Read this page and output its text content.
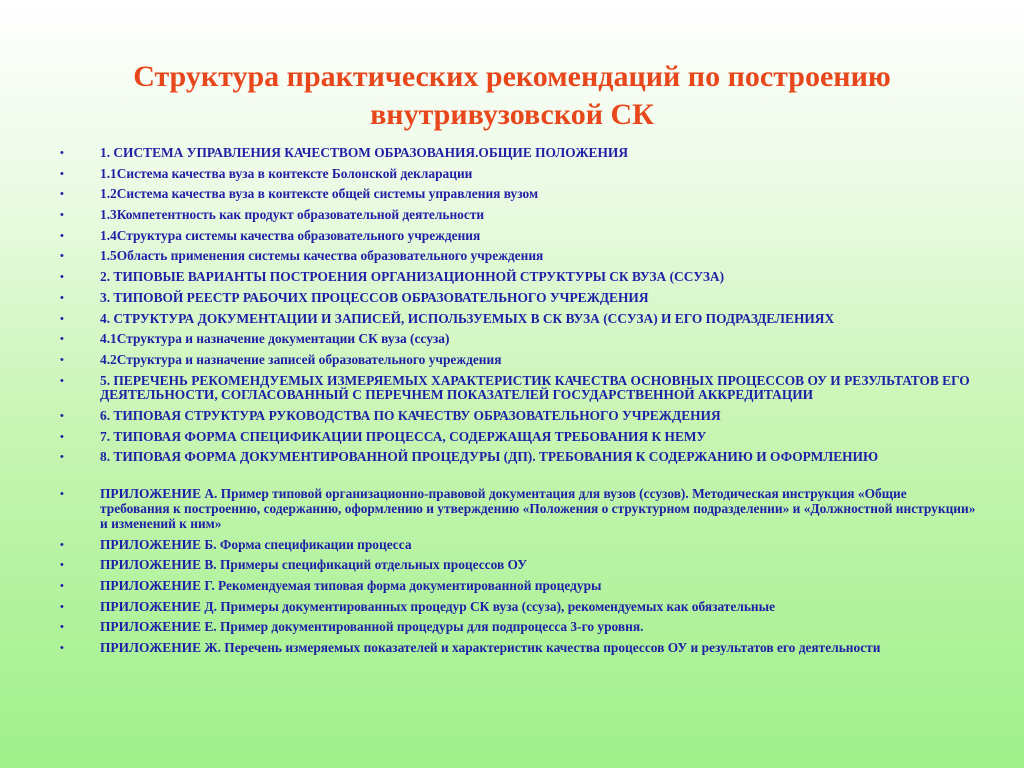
Структура практических рекомендаций по построению
внутривузовской СК
•	1. СИСТЕМА УПРАВЛЕНИЯ КАЧЕСТВОМ ОБРАЗОВАНИЯ.ОБЩИЕ ПОЛОЖЕНИЯ
•	1.1Система качества вуза в контексте Болонской декларации
•	1.2Система качества вуза в контексте общей системы управления вузом
•	1.3Компетентность как продукт образовательной деятельности
•	1.4Структура системы качества образовательного учреждения
•	1.5Область применения системы качества образовательного учреждения
•	2. ТИПОВЫЕ ВАРИАНТЫ ПОСТРОЕНИЯ ОРГАНИЗАЦИОННОЙ СТРУКТУРЫ СК ВУЗА (ССУЗА)
•	3. ТИПОВОЙ РЕЕСТР РАБОЧИХ ПРОЦЕССОВ ОБРАЗОВАТЕЛЬНОГО УЧРЕЖДЕНИЯ
•	4. СТРУКТУРА ДОКУМЕНТАЦИИ И ЗАПИСЕЙ, ИСПОЛЬЗУЕМЫХ В СК ВУЗА (ССУЗА) И ЕГО ПОДРАЗДЕЛЕНИЯХ
•	4.1Структура и назначение документации СК вуза (ссуза)
•	4.2Структура и назначение записей образовательного учреждения
•	5. ПЕРЕЧЕНЬ РЕКОМЕНДУЕМЫХ ИЗМЕРЯЕМЫХ ХАРАКТЕРИСТИК КАЧЕСТВА ОСНОВНЫХ ПРОЦЕССОВ ОУ И РЕЗУЛЬТАТОВ ЕГО ДЕЯТЕЛЬНОСТИ, СОГЛАСОВАННЫЙ С ПЕРЕЧНЕМ ПОКАЗАТЕЛЕЙ ГОСУДАРСТВЕННОЙ АККРЕДИТАЦИИ
•	6. ТИПОВАЯ СТРУКТУРА РУКОВОДСТВА ПО КАЧЕСТВУ ОБРАЗОВАТЕЛЬНОГО УЧРЕЖДЕНИЯ
•	7. ТИПОВАЯ ФОРМА СПЕЦИФИКАЦИИ ПРОЦЕССА, СОДЕРЖАЩАЯ ТРЕБОВАНИЯ К НЕМУ
•	8. ТИПОВАЯ ФОРМА ДОКУМЕНТИРОВАННОЙ ПРОЦЕДУРЫ (ДП). ТРЕБОВАНИЯ К СОДЕРЖАНИЮ И ОФОРМЛЕНИЮ
•	ПРИЛОЖЕНИЕ А. Пример типовой организационно-правовой документация для вузов (ссузов). Методическая инструкция «Общие требования к построению, содержанию, оформлению и утверждению «Положения о структурном подразделении» и «Должностной инструкции» и изменений к ним»
•	ПРИЛОЖЕНИЕ Б. Форма спецификации процесса
•	ПРИЛОЖЕНИЕ В. Примеры спецификаций отдельных процессов ОУ
•	ПРИЛОЖЕНИЕ Г. Рекомендуемая типовая форма документированной процедуры
•	ПРИЛОЖЕНИЕ Д. Примеры документированных процедур СК вуза (ссуза), рекомендуемых как обязательные
•	ПРИЛОЖЕНИЕ Е. Пример документированной процедуры для подпроцесса 3-го уровня.
•	ПРИЛОЖЕНИЕ Ж. Перечень измеряемых показателей и характеристик качества процессов ОУ и результатов его деятельности
